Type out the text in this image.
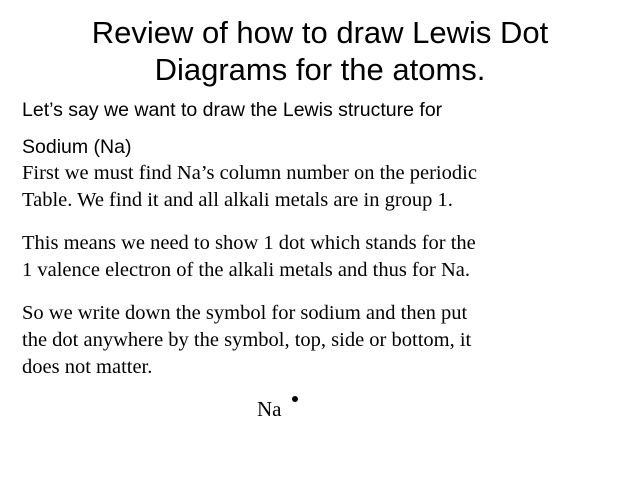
Review of how to draw Lewis Dot
Diagrams for the atoms.
Let’s say we want to draw the Lewis structure for
Sodium (Na)
First we must find Na’s column number on the periodic
Table. We find it and all alkali metals are in group 1.
This means we need to show 1 dot which stands for the
1 valence electron of the alkali metals and thus for Na.
So we write down the symbol for sodium and then put
the dot anywhere by the symbol, top, side or bottom, it
does not matter.
Na
